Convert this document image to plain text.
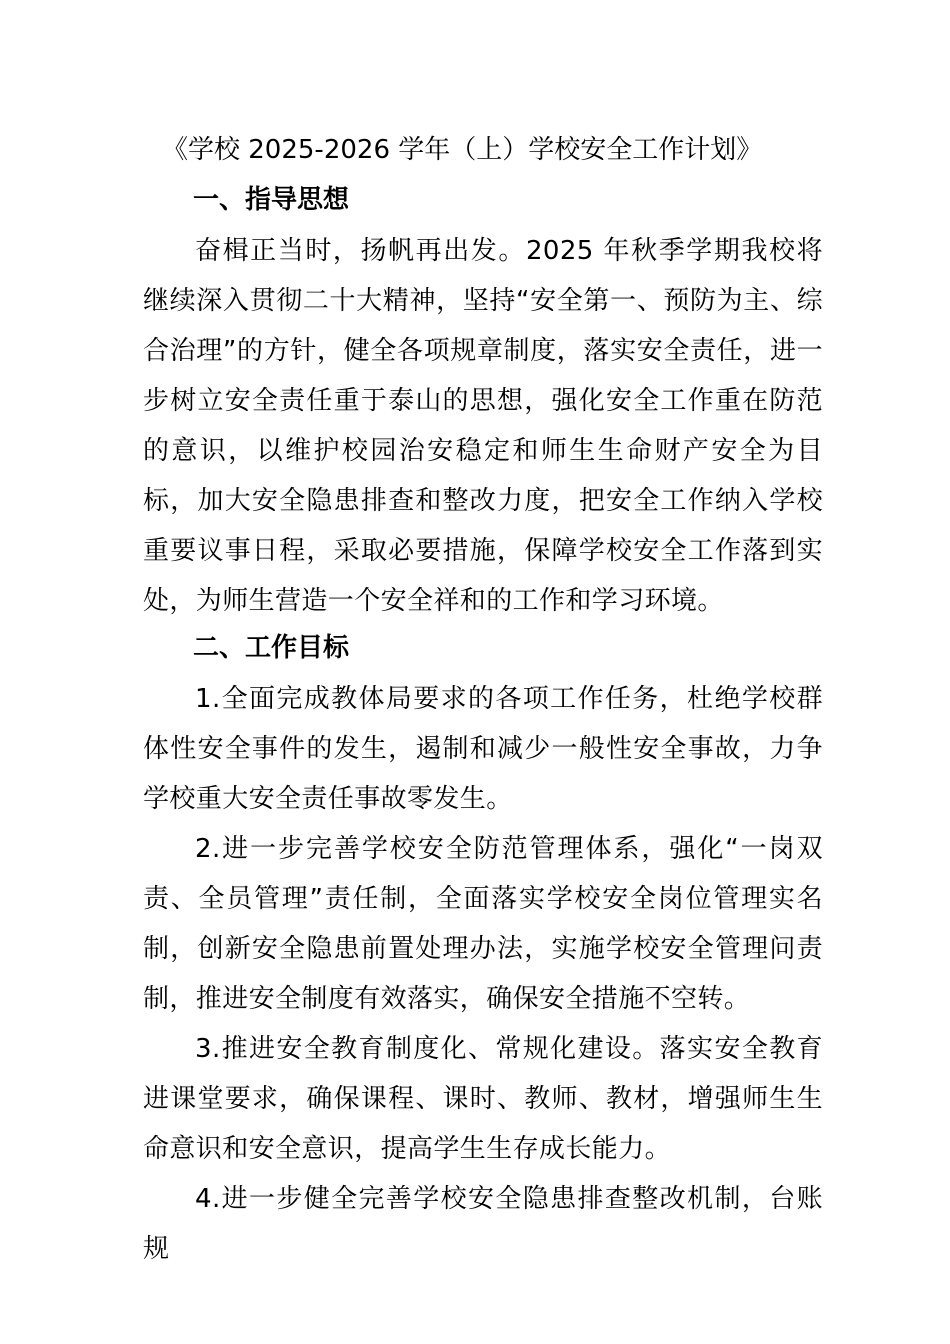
《学校 2025-2026 学年（上）学校安全工作计划》
一、指导思想
奋楫正当时，扬帆再出发。2025 年秋季学期我校将继续深入贯彻二十大精神，坚持“安全第一、预防为主、综合治理”的方针，健全各项规章制度，落实安全责任，进一步树立安全责任重于泰山的思想，强化安全工作重在防范的意识，以维护校园治安稳定和师生生命财产安全为目标，加大安全隐患排查和整改力度，把安全工作纳入学校重要议事日程，采取必要措施，保障学校安全工作落到实处，为师生营造一个安全祥和的工作和学习环境。
二、工作目标
1.全面完成教体局要求的各项工作任务，杜绝学校群体性安全事件的发生，遏制和减少一般性安全事故，力争学校重大安全责任事故零发生。
2.进一步完善学校安全防范管理体系，强化“一岗双责、全员管理”责任制，全面落实学校安全岗位管理实名制，创新安全隐患前置处理办法，实施学校安全管理问责制，推进安全制度有效落实，确保安全措施不空转。
3.推进安全教育制度化、常规化建设。落实安全教育进课堂要求，确保课程、课时、教师、教材，增强师生生命意识和安全意识，提高学生生存成长能力。
4.进一步健全完善学校安全隐患排查整改机制，台账规
